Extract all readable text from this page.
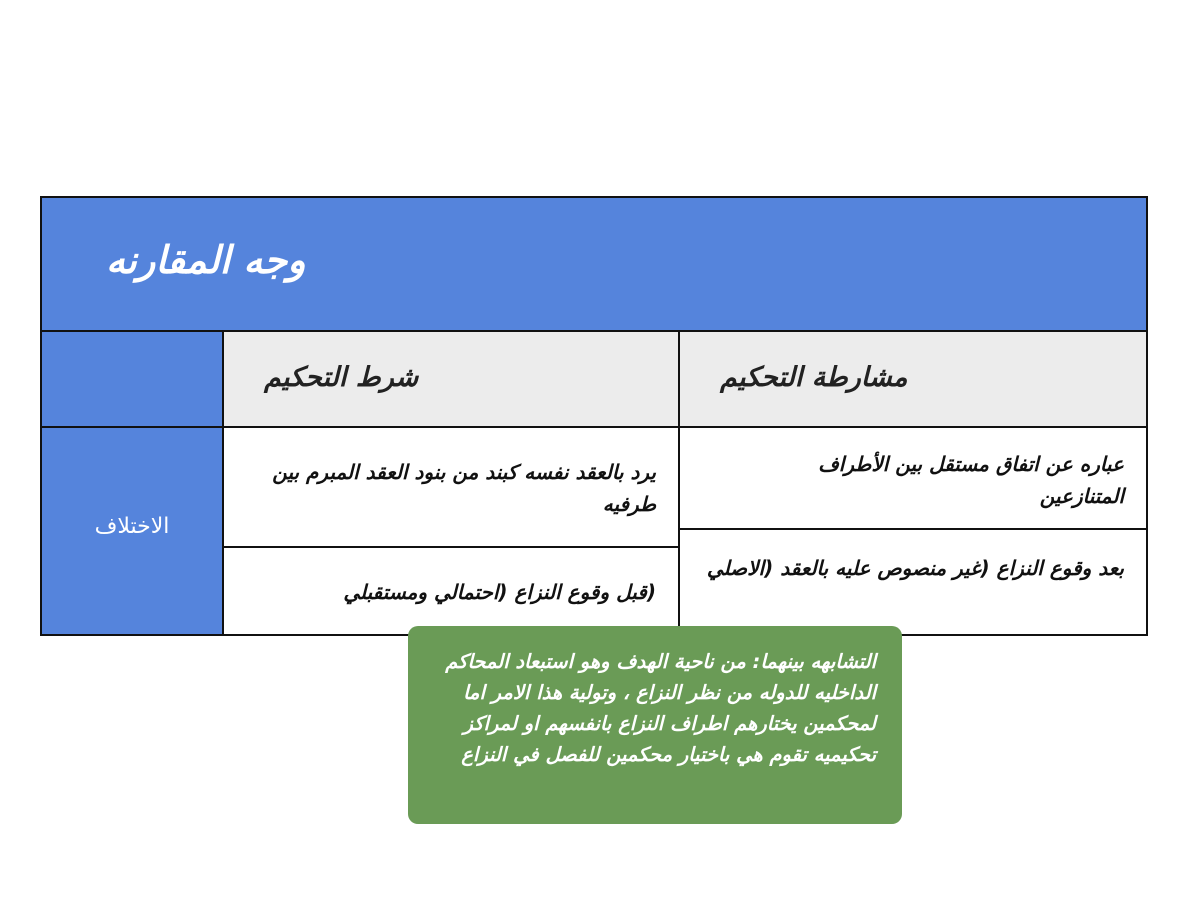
وجه المقارنه
الاختلاف
شرط التحكيم	مشارطة التحكيم
يرد بالعقد نفسه كبند من بنود العقد المبرم بين طرفيه
عباره عن اتفاق مستقل بين الأطراف المتنازعين
(قبل وقوع النزاع (احتمالي ومستقبلي
بعد وقوع النزاع (غير منصوص عليه بالعقد (الاصلي
التشابهه بينهما: من ناحية الهدف وهو استبعاد المحاكم الداخليه للدوله من نظر النزاع ، وتولية هذا الامر اما لمحكمين يختارهم اطراف النزاع بانفسهم او لمراكز تحكيميه تقوم هي باختيار محكمين للفصل في النزاع
